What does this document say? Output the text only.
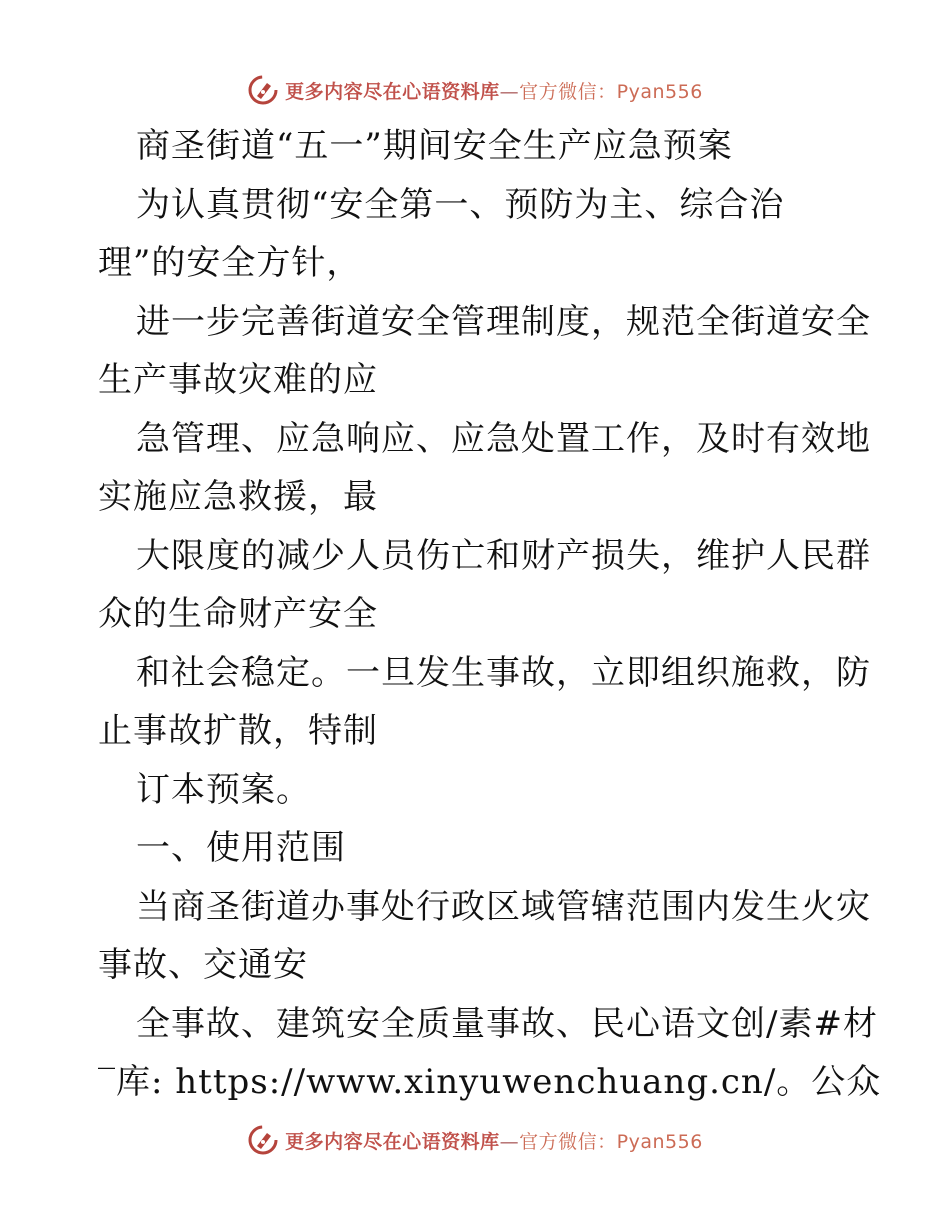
更多内容尽在心语资料库—官方微信：Pyan556
商圣街道“五一”期间安全生产应急预案
为认真贯彻“安全第一、预防为主、综合治
理”的安全方针，
进一步完善街道安全管理制度，规范全街道安全
生产事故灾难的应
急管理、应急响应、应急处置工作，及时有效地
实施应急救援，最
大限度的减少人员伤亡和财产损失，维护人民群
众的生命财产安全
和社会稳定。一旦发生事故，立即组织施救，防
止事故扩散，特制
订本预案。
一、使用范围
当商圣街道办事处行政区域管辖范围内发生火灾
事故、交通安
全事故、建筑安全质量事故、民心语文创/素#材
‾库: https://www.xinyuwenchuang.cn/。公众
更多内容尽在心语资料库—官方微信：Pyan556
